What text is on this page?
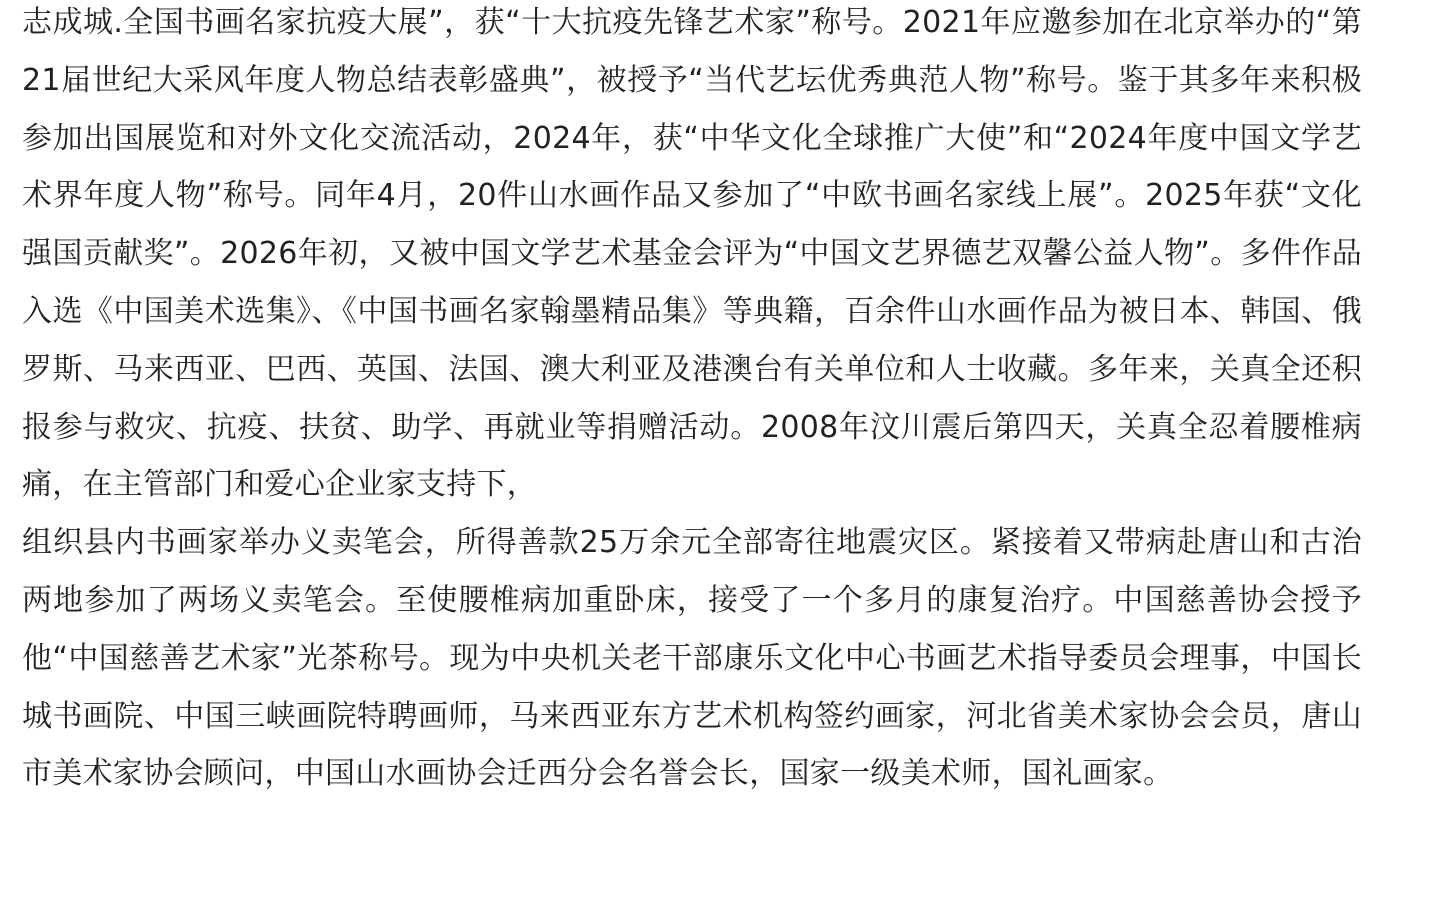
志成城.全国书画名家抗疫大展”，获“十大抗疫先锋艺术家”称号。2021年应邀参加在北京举办的“第21届世纪大采风年度人物总结表彰盛典”，被授予“当代艺坛优秀典范人物”称号。鉴于其多年来积极参加出国展览和对外文化交流活动，2024年，获“中华文化全球推广大使”和“2024年度中国文学艺术界年度人物”称号。同年4月，20件山水画作品又参加了“中欧书画名家线上展”。2025年获“文化强国贡献奖”。2026年初，又被中国文学艺术基金会评为“中国文艺界德艺双馨公益人物”。多件作品入选《中国美术选集》、《中国书画名家翰墨精品集》等典籍，百余件山水画作品为被日本、韩国、俄罗斯、马来西亚、巴西、英国、法国、澳大利亚及港澳台有关单位和人士收藏。多年来，关真全还积报参与救灾、抗疫、扶贫、助学、再就业等捐赠活动。2008年汶川震后第四天，关真全忍着腰椎病痛，在主管部门和爱心企业家支持下，

组织县内书画家举办义卖笔会，所得善款25万余元全部寄往地震灾区。紧接着又带病赴唐山和古治两地参加了两场义卖笔会。至使腰椎病加重卧床，接受了一个多月的康复治疗。中国慈善协会授予他“中国慈善艺术家”光茶称号。现为中央机关老干部康乐文化中心书画艺术指导委员会理事，中国长城书画院、中国三峡画院特聘画师，马来西亚东方艺术机构签约画家，河北省美术家协会会员，唐山市美术家协会顾问，中国山水画协会迁西分会名誉会长，国家一级美术师，国礼画家。
